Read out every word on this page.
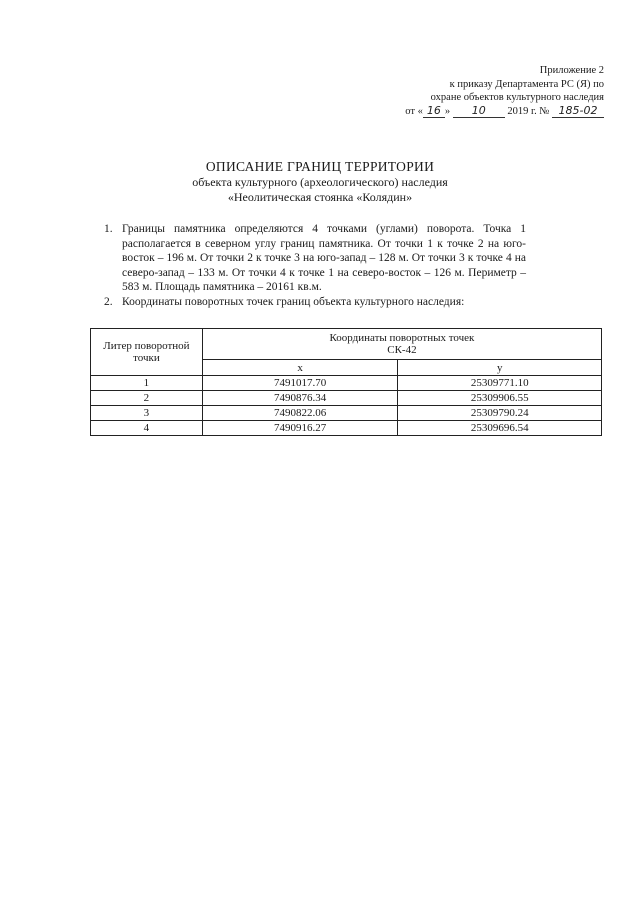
Приложение 2
к приказу Департамента РС (Я) по
охране объектов культурного наследия
от « 16 » 10 2019 г. № 185-02
ОПИСАНИЕ ГРАНИЦ ТЕРРИТОРИИ
объекта культурного (археологического) наследия
«Неолитическая стоянка «Колядин»
1. Границы памятника определяются 4 точками (углами) поворота. Точка 1 располагается в северном углу границ памятника. От точки 1 к точке 2 на юго-восток – 196 м. От точки 2 к точке 3 на юго-запад – 128 м. От точки 3 к точке 4 на северо-запад – 133 м. От точки 4 к точке 1 на северо-восток – 126 м. Периметр – 583 м. Площадь памятника – 20161 кв.м.
2. Координаты поворотных точек границ объекта культурного наследия:
Литер поворотной точки	Координаты поворотных точек
СК-42	

	x	y
1	7491017.70	25309771.10
2	7490876.34	25309906.55
3	7490822.06	25309790.24
4	7490916.27	25309696.54
